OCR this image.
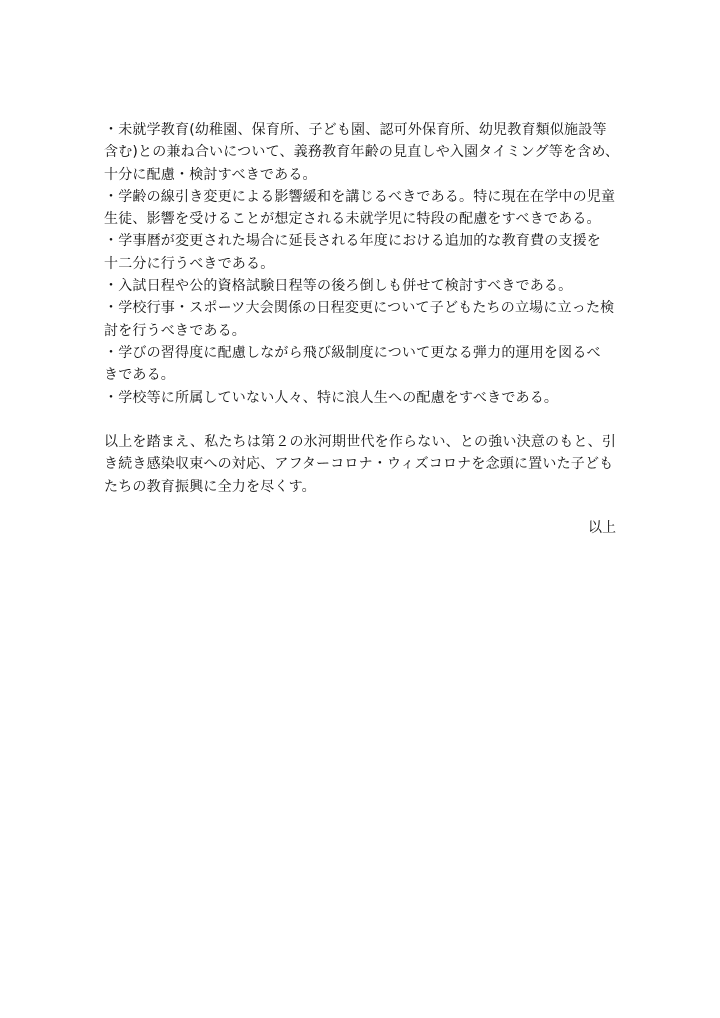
・未就学教育(幼稚園、保育所、子ども園、認可外保育所、幼児教育類似施設等
含む)との兼ね合いについて、義務教育年齢の見直しや入園タイミング等を含め、
十分に配慮・検討すべきである。
・学齢の線引き変更による影響緩和を講じるべきである。特に現在在学中の児童
生徒、影響を受けることが想定される未就学児に特段の配慮をすべきである。
・学事暦が変更された場合に延長される年度における追加的な教育費の支援を
十二分に行うべきである。
・入試日程や公的資格試験日程等の後ろ倒しも併せて検討すべきである。
・学校行事・スポーツ大会関係の日程変更について子どもたちの立場に立った検
討を行うべきである。
・学びの習得度に配慮しながら飛び級制度について更なる弾力的運用を図るべ
きである。
・学校等に所属していない人々、特に浪人生への配慮をすべきである。
以上を踏まえ、私たちは第２の氷河期世代を作らない、との強い決意のもと、引
き続き感染収束への対応、アフターコロナ・ウィズコロナを念頭に置いた子ども
たちの教育振興に全力を尽くす。
以上
